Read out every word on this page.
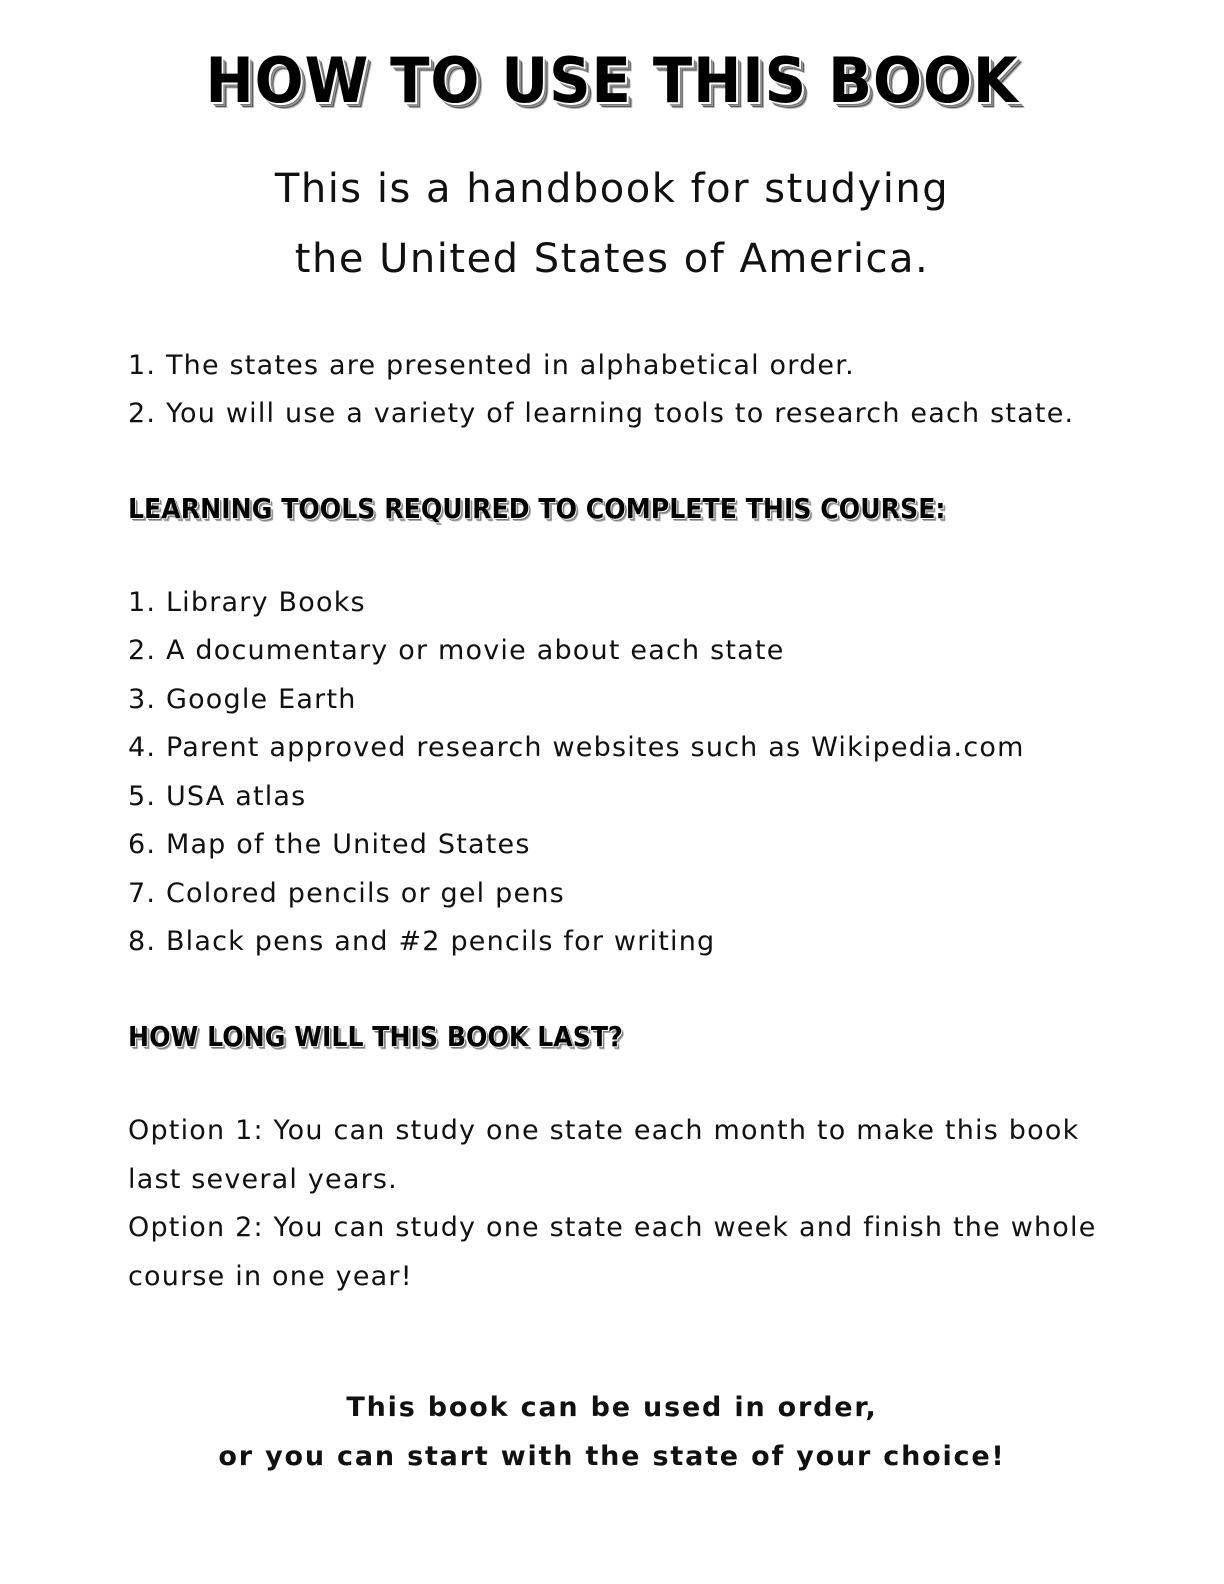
HOW TO USE THIS BOOK
This is a handbook for studying
the United States of America.
1. The states are presented in alphabetical order.
2. You will use a variety of learning tools to research each state.
LEARNING TOOLS REQUIRED TO COMPLETE THIS COURSE:
1. Library Books
2. A documentary or movie about each state
3. Google Earth
4. Parent approved research websites such as Wikipedia.com
5. USA atlas
6. Map of the United States
7. Colored pencils or gel pens
8. Black pens and #2 pencils for writing
HOW LONG WILL THIS BOOK LAST?
Option 1: You can study one state each month to make this book
last several years.
Option 2: You can study one state each week and finish the whole
course in one year!
This book can be used in order,
or you can start with the state of your choice!
